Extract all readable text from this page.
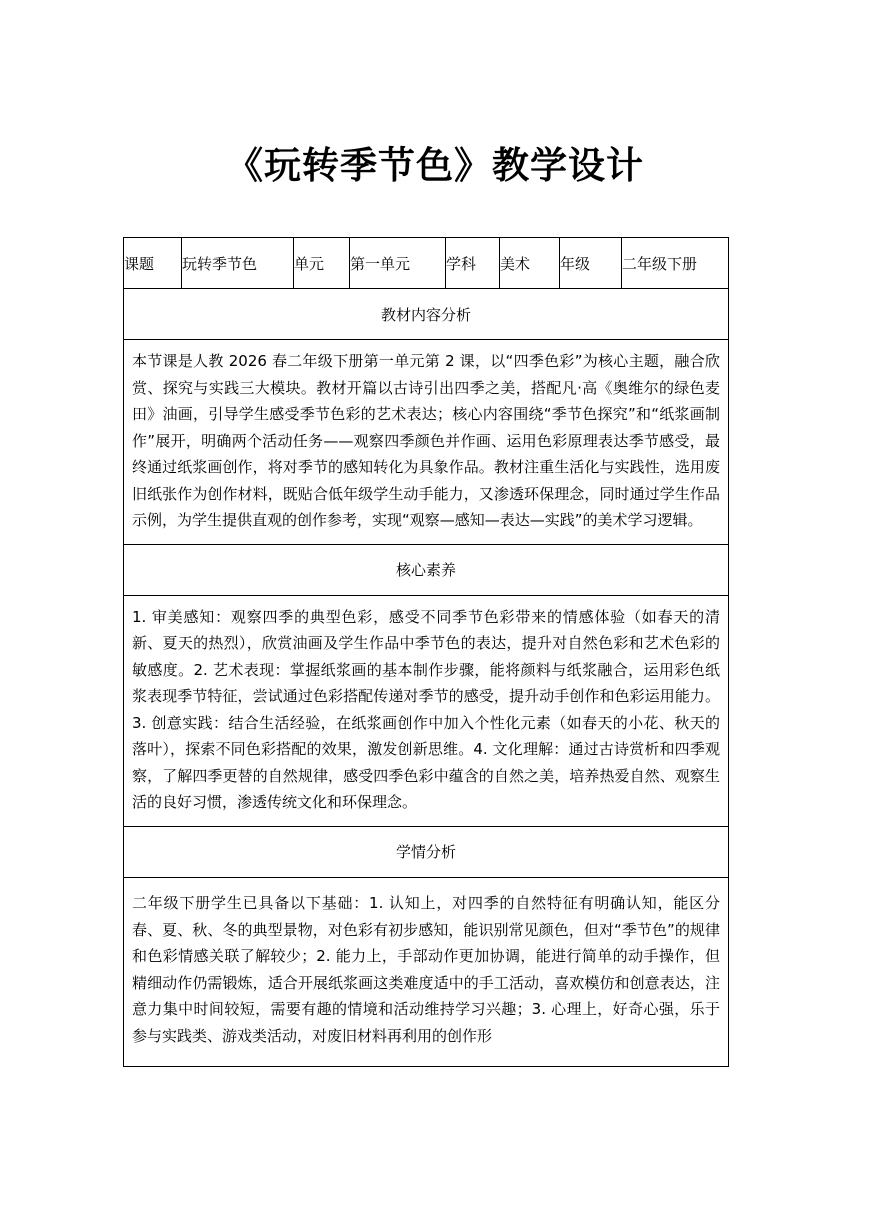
《玩转季节色》教学设计
课题	玩转季节色	单元	第一单元	学科	美术	年级	二年级下册
教材内容分析

本节课是人教 2026 春二年级下册第一单元第 2 课，以“四季色彩”为核心主题，融合欣赏、探究与实践三大模块。教材开篇以古诗引出四季之美，搭配凡·高《奥维尔的绿色麦田》油画，引导学生感受季节色彩的艺术表达；核心内容围绕“季节色探究”和“纸浆画制作”展开，明确两个活动任务——观察四季颜色并作画、运用色彩原理表达季节感受，最终通过纸浆画创作，将对季节的感知转化为具象作品。教材注重生活化与实践性，选用废旧纸张作为创作材料，既贴合低年级学生动手能力，又渗透环保理念，同时通过学生作品示例，为学生提供直观的创作参考，实现“观察—感知—表达—实践”的美术学习逻辑。

核心素养

1. 审美感知：观察四季的典型色彩，感受不同季节色彩带来的情感体验（如春天的清新、夏天的热烈），欣赏油画及学生作品中季节色的表达，提升对自然色彩和艺术色彩的敏感度。2. 艺术表现：掌握纸浆画的基本制作步骤，能将颜料与纸浆融合，运用彩色纸浆表现季节特征，尝试通过色彩搭配传递对季节的感受，提升动手创作和色彩运用能力。3. 创意实践：结合生活经验，在纸浆画创作中加入个性化元素（如春天的小花、秋天的落叶），探索不同色彩搭配的效果，激发创新思维。4. 文化理解：通过古诗赏析和四季观察，了解四季更替的自然规律，感受四季色彩中蕴含的自然之美，培养热爱自然、观察生活的良好习惯，渗透传统文化和环保理念。

学情分析

二年级下册学生已具备以下基础：1. 认知上，对四季的自然特征有明确认知，能区分春、夏、秋、冬的典型景物，对色彩有初步感知，能识别常见颜色，但对“季节色”的规律和色彩情感关联了解较少；2. 能力上，手部动作更加协调，能进行简单的动手操作，但精细动作仍需锻炼，适合开展纸浆画这类难度适中的手工活动，喜欢模仿和创意表达，注意力集中时间较短，需要有趣的情境和活动维持学习兴趣；3. 心理上，好奇心强，乐于参与实践类、游戏类活动，对废旧材料再利用的创作形
